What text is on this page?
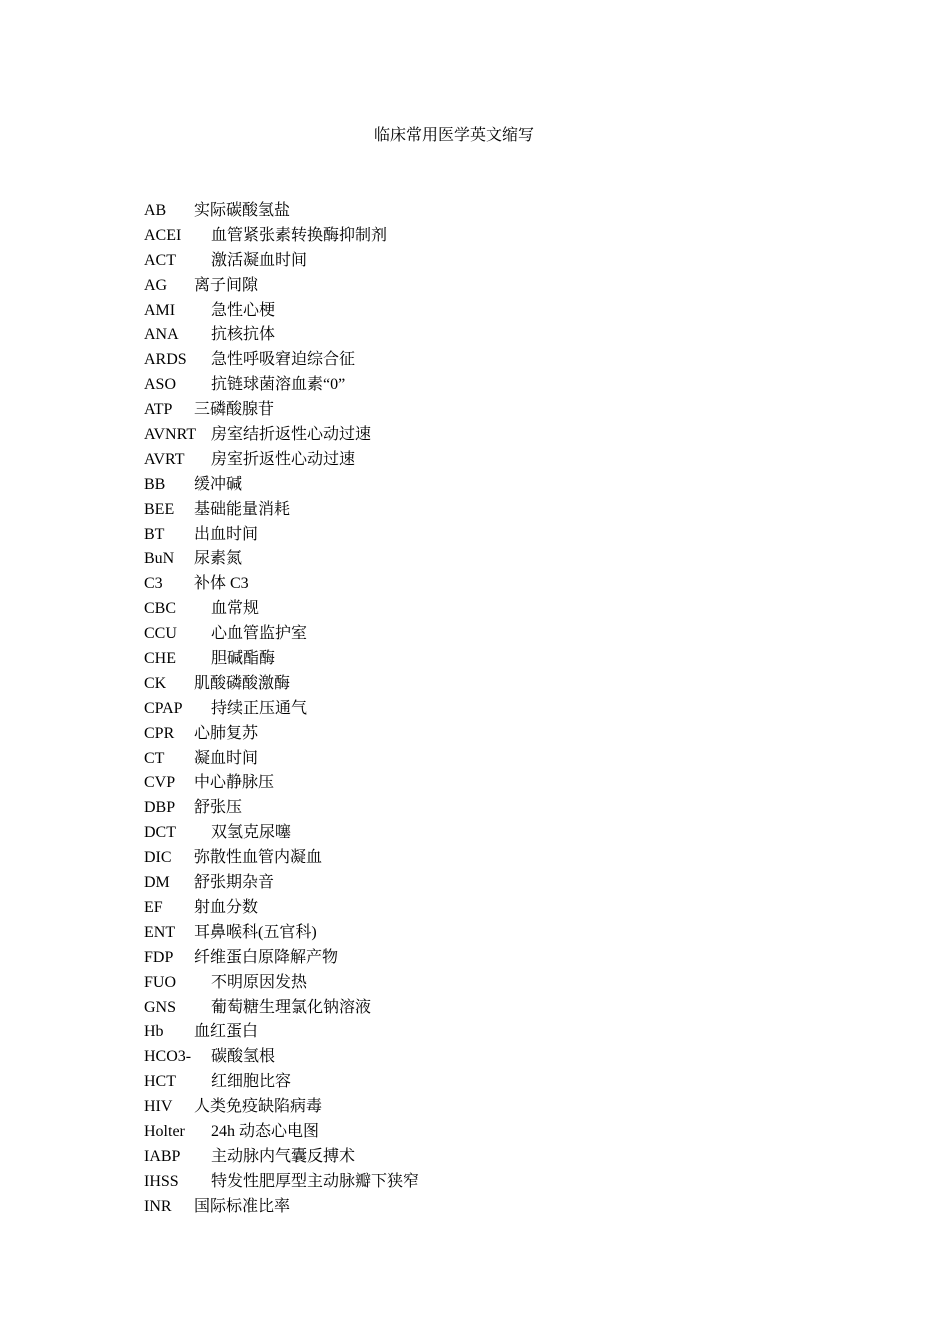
临床常用医学英文缩写
AB	实际碳酸氢盐
ACEI	血管紧张素转换酶抑制剂
ACT	激活凝血时间
AG	离子间隙
AMI	急性心梗
ANA	抗核抗体
ARDS	急性呼吸窘迫综合征
ASO	抗链球菌溶血素“0”
ATP	三磷酸腺苷
AVNRT 房室结折返性心动过速
AVRT	房室折返性心动过速
BB	缓冲碱
BEE	基础能量消耗
BT	出血时间
BuN	尿素氮
C3	补体 C3
CBC	血常规
CCU	心血管监护室
CHE	胆碱酯酶
CK	肌酸磷酸激酶
CPAP	持续正压通气
CPR	心肺复苏
CT	凝血时间
CVP	中心静脉压
DBP	舒张压
DCT	双氢克尿噻
DIC	弥散性血管内凝血
DM	舒张期杂音
EF	射血分数
ENT	耳鼻喉科(五官科)
FDP	纤维蛋白原降解产物
FUO	不明原因发热
GNS	葡萄糖生理氯化钠溶液
Hb	血红蛋白
HCO3-	碳酸氢根
HCT	红细胞比容
HIV	人类免疫缺陷病毒
Holter	24h 动态心电图
IABP	主动脉内气囊反搏术
IHSS	特发性肥厚型主动脉瓣下狭窄
INR	国际标准比率
